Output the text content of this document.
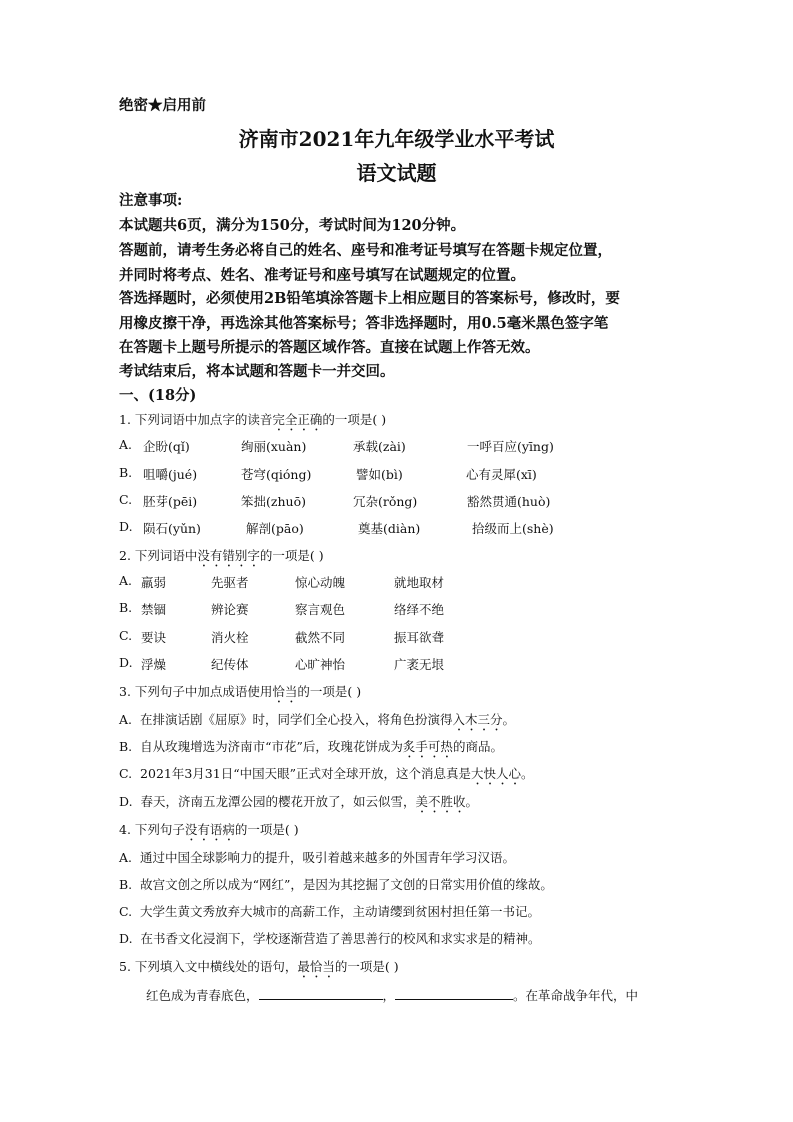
绝密★启用前
济南市2021年九年级学业水平考试
语文试题
注意事项:
本试题共6页，满分为150分，考试时间为120分钟。
答题前，请考生务必将自己的姓名、座号和准考证号填写在答题卡规定位置，
并同时将考点、姓名、准考证号和座号填写在试题规定的位置。
答选择题时，必须使用2B铅笔填涂答题卡上相应题目的答案标号，修改时，要
用橡皮擦干净，再选涂其他答案标号；答非选择题时，用0.5毫米黑色签字笔
在答题卡上题号所提示的答题区域作答。直接在试题上作答无效。
考试结束后，将本试题和答题卡一并交回。
一、(18分)
1. 下列词语中加点字的读音完全正确的一项是( )
A. 企盼(qǐ)	绚丽(xuàn)	承载(zài)	一呼百应(yīng)
B. 咀嚼(jué)	苍穹(qióng)	譬如(bì)	心有灵犀(xī)
C. 胚芽(pēi)	笨拙(zhuō)	冗杂(rǒng)	豁然贯通(huò)
D. 陨石(yǔn)	解剖(pāo)	奠基(diàn)	拾级而上(shè)
2. 下列词语中没有错别字的一项是( )
A. 羸弱	先驱者	惊心动魄	就地取材
B. 禁锢	辨论赛	察言观色	络绎不绝
C. 要诀	消火栓	截然不同	振耳欲聋
D. 浮燥	纪传体	心旷神怡	广袤无垠
3. 下列句子中加点成语使用恰当的一项是( )
A. 在排演话剧《屈原》时，同学们全心投入，将角色扮演得入木三分。
B. 自从玫瑰增选为济南市“市花”后，玫瑰花饼成为炙手可热的商品。
C. 2021年3月31日“中国天眼”正式对全球开放，这个消息真是大快人心。
D. 春天，济南五龙潭公园的樱花开放了，如云似雪，美不胜收。
4. 下列句子没有语病的一项是( )
A. 通过中国全球影响力的提升，吸引着越来越多的外国青年学习汉语。
B. 故宫文创之所以成为“网红”，是因为其挖掘了文创的日常实用价值的缘故。
C. 大学生黄文秀放弃大城市的高薪工作，主动请缨到贫困村担任第一书记。
D. 在书香文化浸润下，学校逐渐营造了善思善行的校风和求实求是的精神。
5. 下列填入文中横线处的语句，最恰当的一项是( )
红色成为青春底色，	，	。在革命战争年代，中
